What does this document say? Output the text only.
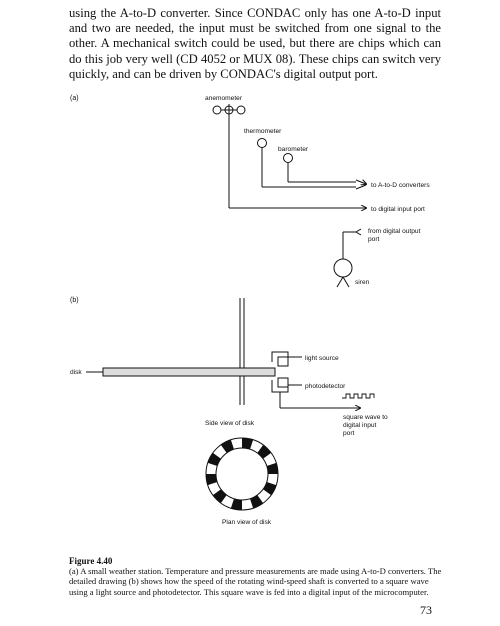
using the A-to-D converter. Since CONDAC only has one A-to-D input and two are needed, the input must be switched from one signal to the other. A mechanical switch could be used, but there are chips which can do this job very well (CD 4052 or MUX 08). These chips can switch very quickly, and can be driven by CONDAC's digital output port.

(a)	anemometer
thermometer
barometer
to A-to-D converters
to digital input port
from digital output
port
siren
(b)
disk
light source
photodetector
square wave to
digital input
port
Side view of disk
Plan view of disk

Figure 4.40

(a) A small weather station. Temperature and pressure measurements are made using A-to-D converters. The detailed drawing (b) shows how the speed of the rotating wind-speed shaft is converted to a square wave using a light source and photodetector. This square wave is fed into a digital input of the microcomputer.

73
